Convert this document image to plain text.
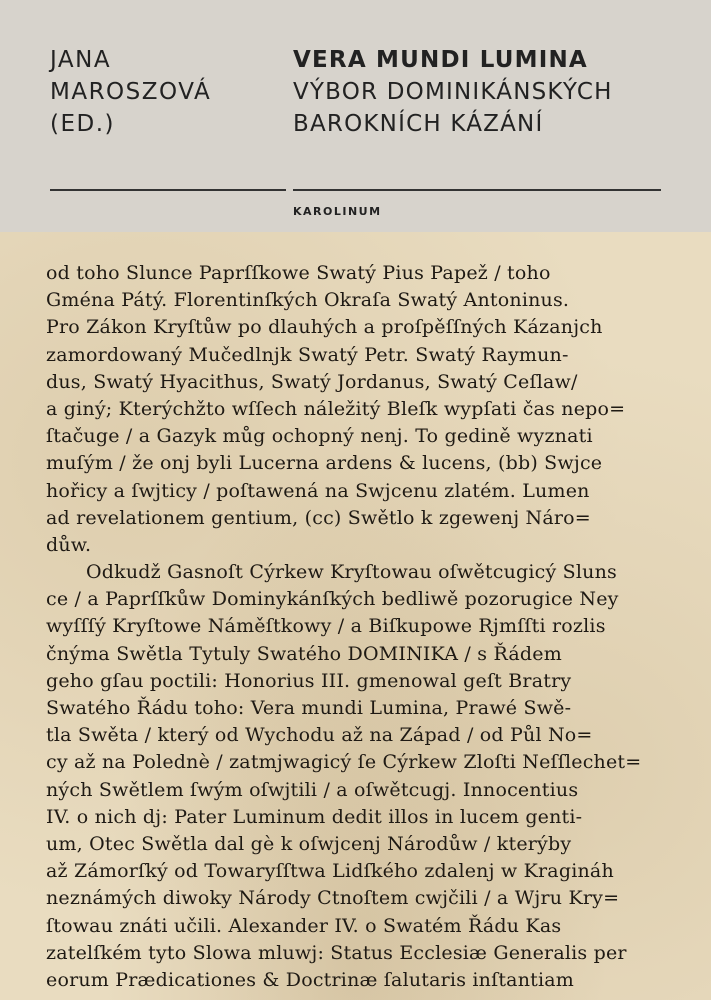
JANA
MAROSZOVÁ
(ED.)
VERA MUNDI LUMINA
VÝBOR DOMINIKÁNSKÝCH
BAROKNÍCH KÁZÁNÍ
KAROLINUM
od toho Slunce Paprſſkowe Swatý Pius Papež / toho
Gména Pátý. Florentinſkých Okraſa Swatý Antoninus.
Pro Zákon Kryſtůw po dlauhých a proſpěſſných Kázanjch
zamordowaný Mučedlnjk Swatý Petr. Swatý Raymun-
dus, Swatý Hyacithus, Swatý Jordanus, Swatý Ceſlaw/
a giný; Kterýchžto wſſech náležitý Bleſk wypſati čas nepo=
ſtačuge / a Gazyk můg ochopný nenj. To gedině wyznati
muſým / že onj byli Lucerna ardens & lucens, (bb) Swjce
hořicy a ſwjticy / poſtawená na Swjcenu zlatém. Lumen
ad revelationem gentium, (cc) Swětlo k zgewenj Náro=
důw.
Odkudž Gasnoſt Cýrkew Kryſtowau oſwětcugicý Sluns
ce / a Paprſſkůw Dominykánſkých bedliwě pozorugice Ney
wyſſſý Kryſtowe Náměſtkowy / a Biſkupowe Rjmſſti rozlis
čnýma Swětla Tytuly Swatého DOMINIKA / s Řádem
geho gſau poctili: Honorius III. gmenowal geſt Bratry
Swatého Řádu toho: Vera mundi Lumina, Prawé Swě-
tla Swěta / který od Wychodu až na Západ / od Půl No=
cy až na Polednè / zatmjwagicý ſe Cýrkew Zloſti Neſſlechet=
ných Swětlem ſwým oſwjtili / a oſwětcugj. Innocentius
IV. o nich dj: Pater Luminum dedit illos in lucem genti-
um, Otec Swětla dal gè k oſwjcenj Národůw / kterýby
až Zámorſký od Towaryſſtwa Lidſkého zdalenj w Kragináh
neznámých diwoky Národy Ctnoſtem cwjčili / a Wjru Kry=
ſtowau znáti učili. Alexander IV. o Swatém Řádu Kas
zatelſkém tyto Slowa mluwj: Status Ecclesiæ Generalis per
eorum Prædicationes & Doctrinæ ſalutaris inſtantiam
